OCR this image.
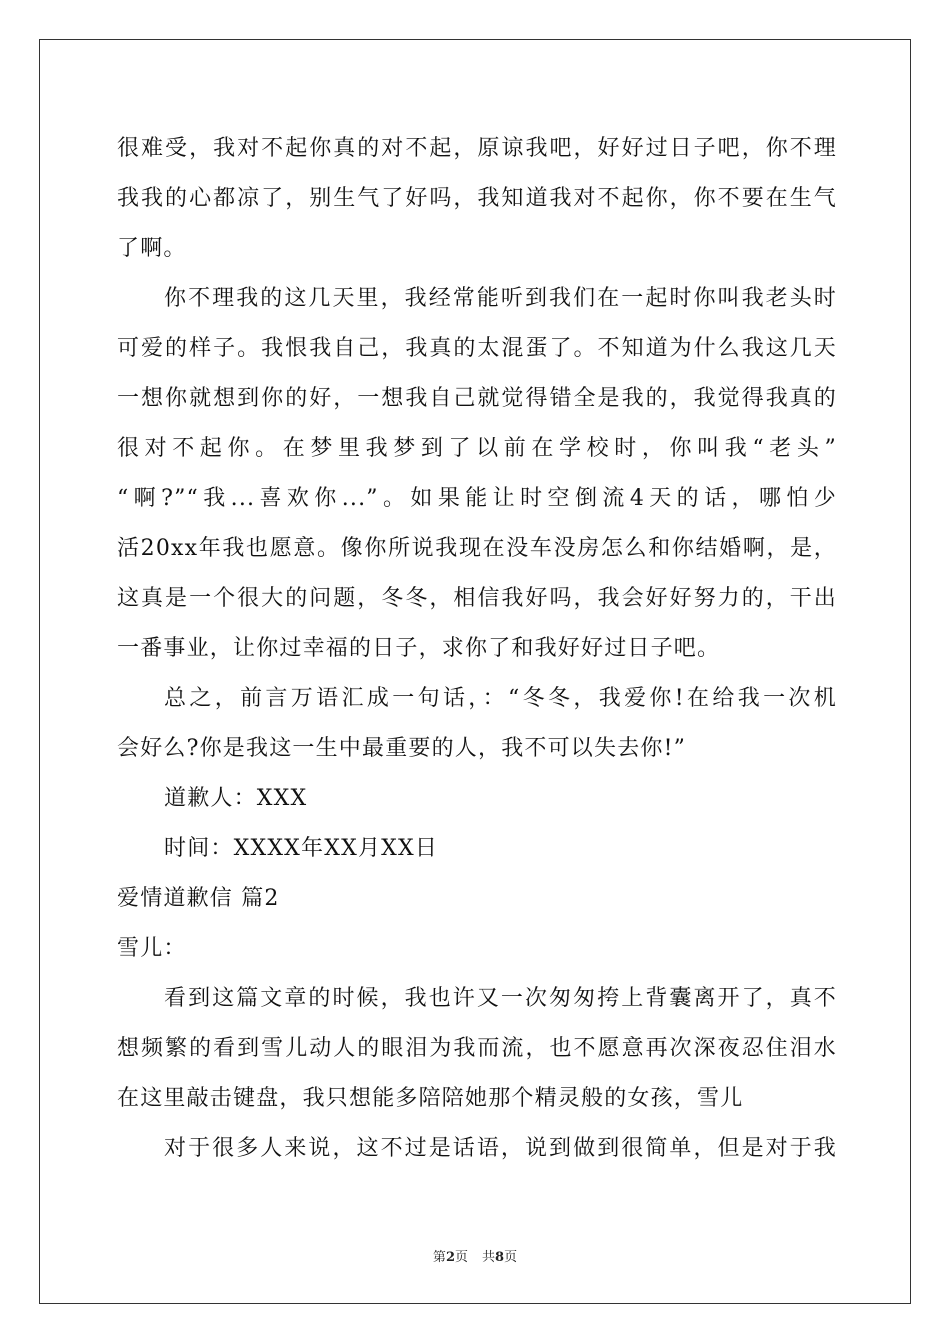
很难受，我对不起你真的对不起，原谅我吧，好好过日子吧，你不理
我我的心都凉了，别生气了好吗，我知道我对不起你，你不要在生气
了啊。
你不理我的这几天里，我经常能听到我们在一起时你叫我老头时
可爱的样子。我恨我自己，我真的太混蛋了。不知道为什么我这几天
一想你就想到你的好，一想我自己就觉得错全是我的，我觉得我真的
很对不起你。在梦里我梦到了以前在学校时，你叫我“老头”
“啊?”“我...喜欢你...”。如果能让时空倒流4天的话，哪怕少
活20xx年我也愿意。像你所说我现在没车没房怎么和你结婚啊，是，
这真是一个很大的问题，冬冬，相信我好吗，我会好好努力的，干出
一番事业，让你过幸福的日子，求你了和我好好过日子吧。
总之，前言万语汇成一句话，：“冬冬，我爱你!在给我一次机
会好么?你是我这一生中最重要的人，我不可以失去你!”
道歉人：XXX
时间：XXXX年XX月XX日
爱情道歉信 篇2
雪儿：
看到这篇文章的时候，我也许又一次匆匆挎上背囊离开了，真不
想频繁的看到雪儿动人的眼泪为我而流，也不愿意再次深夜忍住泪水
在这里敲击键盘，我只想能多陪陪她那个精灵般的女孩，雪儿
对于很多人来说，这不过是话语，说到做到很简单，但是对于我
第2页 共8页
